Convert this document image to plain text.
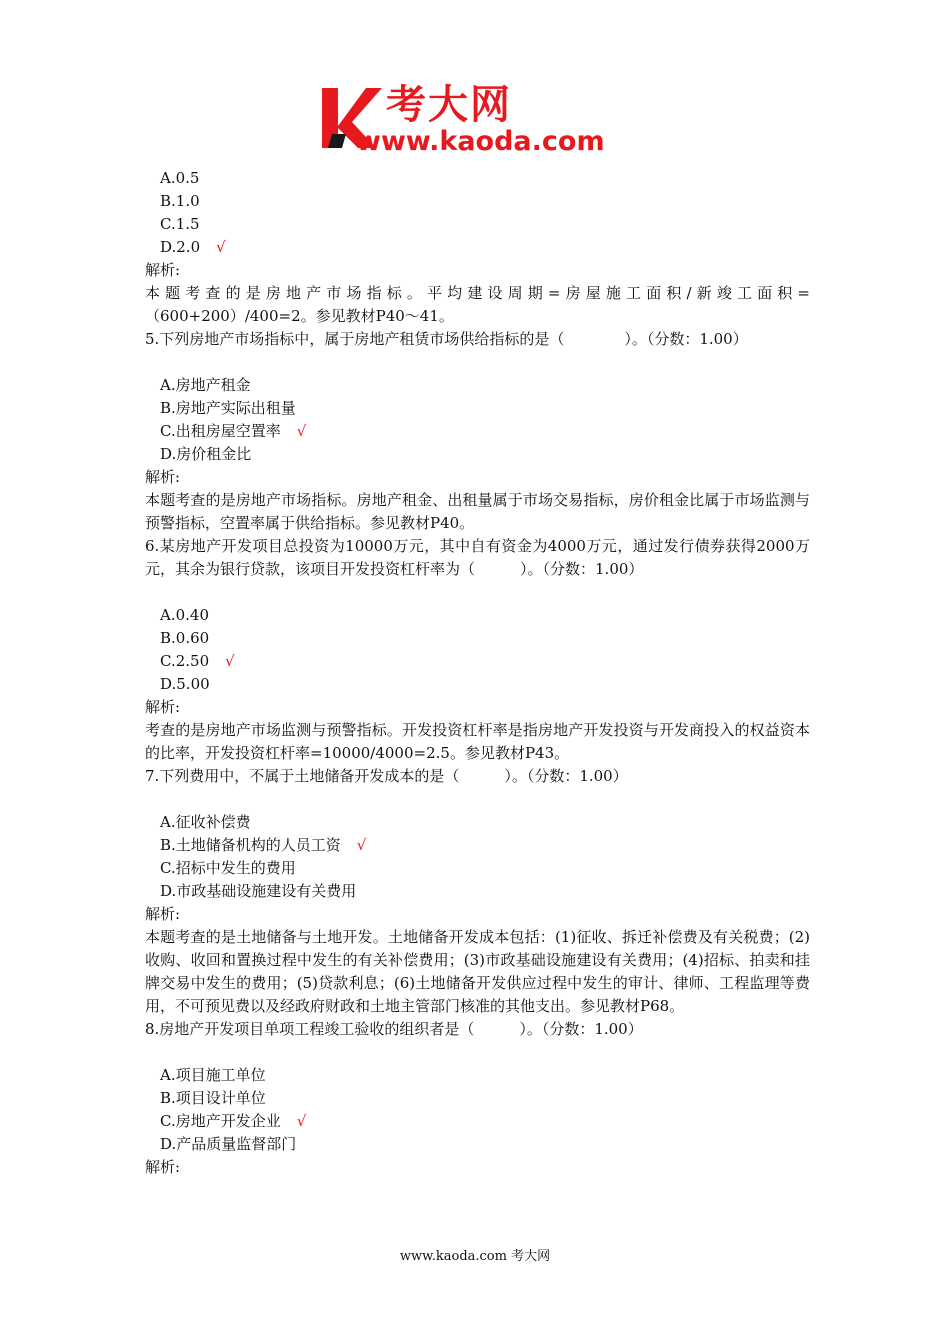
考大网
www.kaoda.com
A.0.5
B.1.0
C.1.5
D.2.0 √
解析:
本题考查的是房地产市场指标。平均建设周期=房屋施工面积/新竣工面积=（600+200）/400=2。参见教材P40～41。
5.下列房地产市场指标中，属于房地产租赁市场供给指标的是（　　　　）。（分数：1.00）
A.房地产租金
B.房地产实际出租量
C.出租房屋空置率 √
D.房价租金比
解析:
本题考查的是房地产市场指标。房地产租金、出租量属于市场交易指标，房价租金比属于市场监测与预警指标，空置率属于供给指标。参见教材P40。
6.某房地产开发项目总投资为10000万元，其中自有资金为4000万元，通过发行债券获得2000万元，其余为银行贷款，该项目开发投资杠杆率为（　　　）。（分数：1.00）
A.0.40
B.0.60
C.2.50 √
D.5.00
解析:
考查的是房地产市场监测与预警指标。开发投资杠杆率是指房地产开发投资与开发商投入的权益资本的比率，开发投资杠杆率=10000/4000=2.5。参见教材P43。
7.下列费用中，不属于土地储备开发成本的是（　　　）。（分数：1.00）
A.征收补偿费
B.土地储备机构的人员工资 √
C.招标中发生的费用
D.市政基础设施建设有关费用
解析:
本题考查的是土地储备与土地开发。土地储备开发成本包括：(1)征收、拆迁补偿费及有关税费；(2)收购、收回和置换过程中发生的有关补偿费用；(3)市政基础设施建设有关费用；(4)招标、拍卖和挂牌交易中发生的费用；(5)贷款利息；(6)土地储备开发供应过程中发生的审计、律师、工程监理等费用，不可预见费以及经政府财政和土地主管部门核准的其他支出。参见教材P68。
8.房地产开发项目单项工程竣工验收的组织者是（　　　）。（分数：1.00）
A.项目施工单位
B.项目设计单位
C.房地产开发企业 √
D.产品质量监督部门
解析:
www.kaoda.com 考大网
